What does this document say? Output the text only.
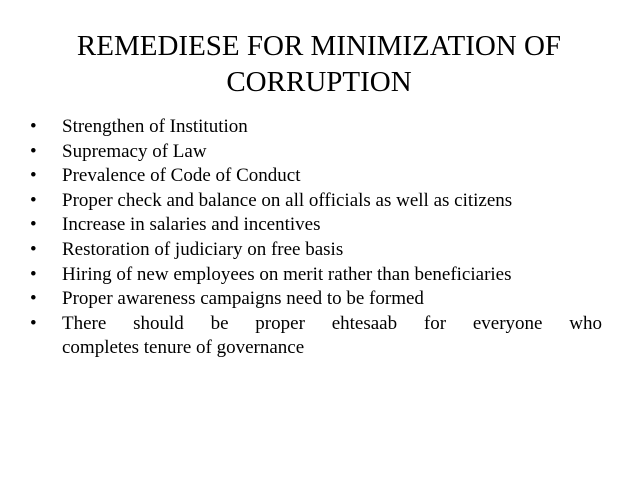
REMEDIESE FOR MINIMIZATION OF
CORRUPTION
• Strengthen of Institution
• Supremacy of Law
• Prevalence of Code of Conduct
• Proper check and balance on all officials as well as citizens
• Increase in salaries and incentives
• Restoration of judiciary on free basis
• Hiring of new employees on merit rather than beneficiaries
• Proper awareness campaigns need to be formed
• There should be proper ehtesaab for everyone who
completes tenure of governance
